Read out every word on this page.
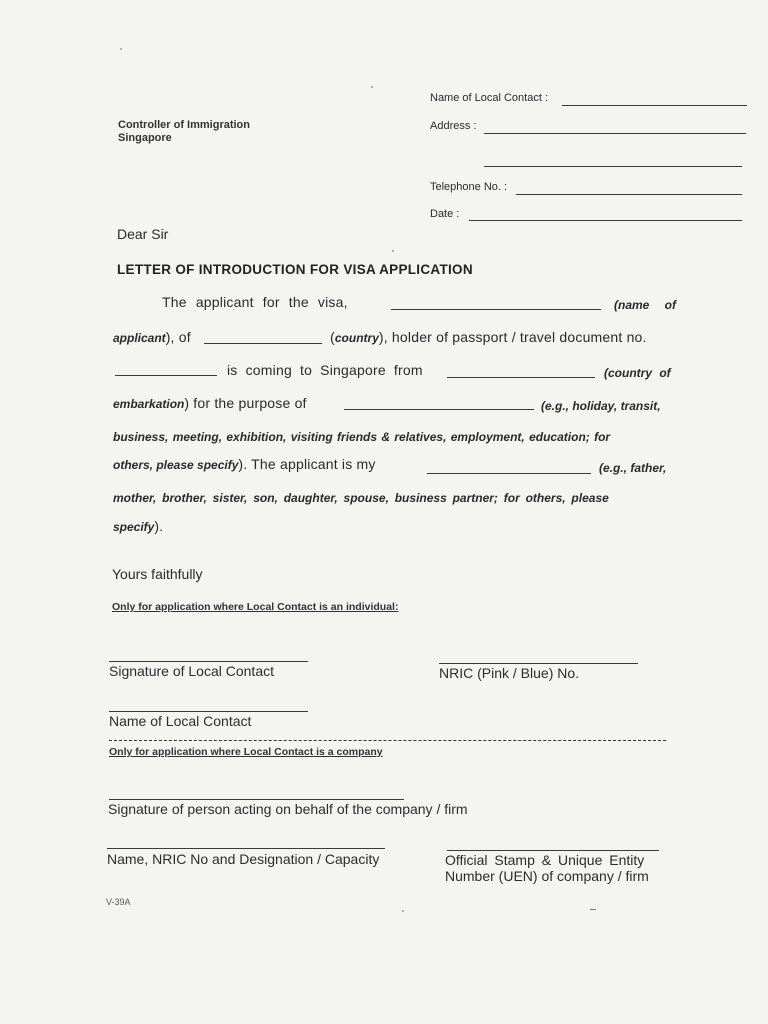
Name of Local Contact :
Address :
Telephone No. :
Date :
Controller of Immigration
Singapore
Dear Sir
LETTER OF INTRODUCTION FOR VISA APPLICATION
The applicant for the visa,	(name of
applicant), of	(country), holder of passport / travel document no.
is coming to Singapore from	(country of
embarkation) for the purpose of	(e.g., holiday, transit,
business, meeting, exhibition, visiting friends & relatives, employment, education; for
others, please specify). The applicant is my	(e.g., father,
mother, brother, sister, son, daughter, spouse, business partner; for others, please
specify).
Yours faithfully
Only for application where Local Contact is an individual:
Signature of Local Contact	NRIC (Pink / Blue) No.
Name of Local Contact
Only for application where Local Contact is a company
Signature of person acting on behalf of the company / firm
Name, NRIC No and Designation / Capacity	Official Stamp & Unique Entity
Number (UEN) of company / firm
V-39A
